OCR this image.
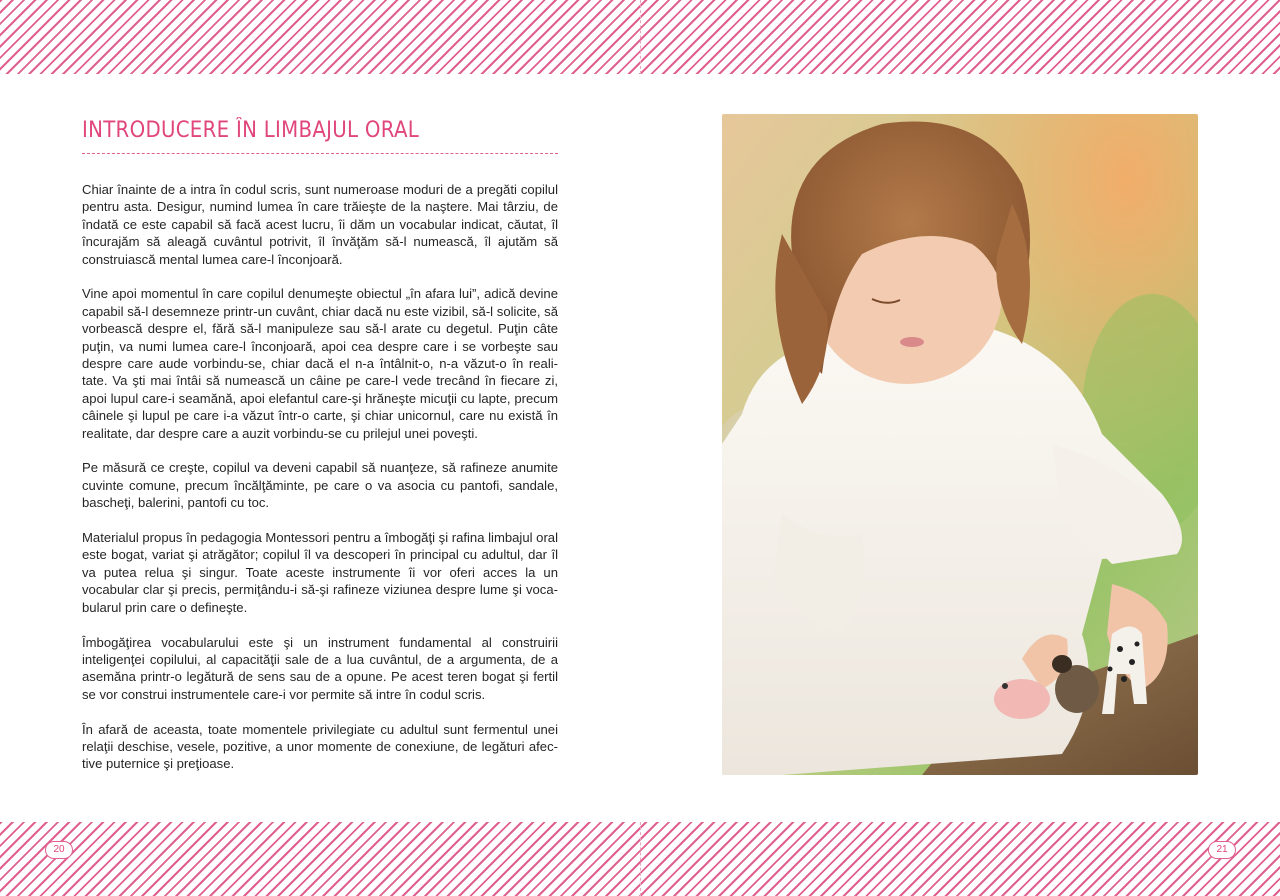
INTRODUCERE ÎN LIMBAJUL ORAL

Chiar înainte de a intra în codul scris, sunt numeroase moduri de a pregăti copilul pentru asta. Desigur, numind lumea în care trăieşte de la naştere. Mai târziu, de îndată ce este capabil să facă acest lucru, îi dăm un vocabular indicat, căutat, îl încurajăm să aleagă cuvântul potrivit, îl învăţăm să-l numească, îl ajutăm să construiască mental lumea care-l înconjoară.

Vine apoi momentul în care copilul denumeşte obiectul „în afara lui”, adică devine capabil să-l desemneze printr-un cuvânt, chiar dacă nu este vizibil, să-l solicite, să vorbească despre el, fără să-l manipuleze sau să-l arate cu degetul. Puţin câte puţin, va numi lumea care-l înconjoară, apoi cea despre care i se vorbeşte sau despre care aude vorbindu-se, chiar dacă el n-a întâlnit-o, n-a văzut-o în reali-tate. Va şti mai întâi să numească un câine pe care-l vede trecând în fiecare zi, apoi lupul care-i seamănă, apoi elefantul care-şi hrăneşte micuţii cu lapte, precum câinele şi lupul pe care i-a văzut într-o carte, şi chiar unicornul, care nu există în realitate, dar despre care a auzit vorbindu-se cu prilejul unei poveşti.

Pe măsură ce creşte, copilul va deveni capabil să nuanţeze, să rafineze anumite cuvinte comune, precum încălţăminte, pe care o va asocia cu pantofi, sandale, bascheţi, balerini, pantofi cu toc.

Materialul propus în pedagogia Montessori pentru a îmbogăţi şi rafina limbajul oral este bogat, variat şi atrăgător; copilul îl va descoperi în principal cu adultul, dar îl va putea relua şi singur. Toate aceste instrumente îi vor oferi acces la un vocabular clar şi precis, permiţându-i să-şi rafineze viziunea despre lume şi voca-bularul prin care o defineşte.

Îmbogăţirea vocabularului este şi un instrument fundamental al construirii inteligenţei copilului, al capacităţii sale de a lua cuvântul, de a argumenta, de a asemăna printr-o legătură de sens sau de a opune. Pe acest teren bogat şi fertil se vor construi instrumentele care-i vor permite să intre în codul scris.

În afară de aceasta, toate momentele privilegiate cu adultul sunt fermentul unei relaţii deschise, vesele, pozitive, a unor momente de conexiune, de legături afec-tive puternice şi preţioase.

20	21
